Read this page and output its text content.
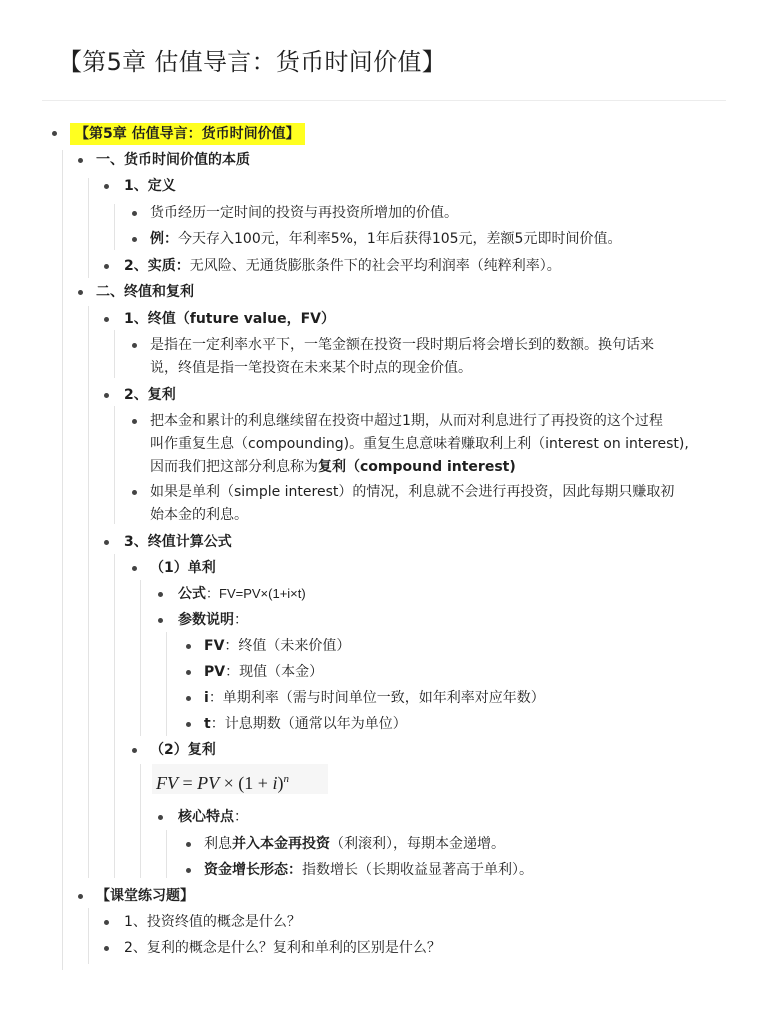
【第5章 估值导言：货币时间价值】
【第5章 估值导言：货币时间价值】
一、货币时间价值的本质
1、定义
货币经历一定时间的投资与再投资所增加的价值。
例：今天存入100元，年利率5%，1年后获得105元，差额5元即时间价值。
2、实质：无风险、无通货膨胀条件下的社会平均利润率（纯粹利率）。
二、终值和复利
1、终值（future value，FV）
是指在一定利率水平下，一笔金额在投资一段时期后将会增长到的数额。换句话来
说，终值是指一笔投资在未来某个时点的现金价值。
2、复利
把本金和累计的利息继续留在投资中超过1期，从而对利息进行了再投资的这个过程
叫作重复生息（compounding)。重复生息意味着赚取利上利（interest on interest),
因而我们把这部分利息称为复利（compound interest)
如果是单利（simple interest）的情况，利息就不会进行再投资，因此每期只赚取初
始本金的利息。
3、终值计算公式
（1）单利
公式：FV=PV×(1+i×t)
参数说明：
FV：终值（未来价值）
PV：现值（本金）
i：单期利率（需与时间单位一致，如年利率对应年数）
t：计息期数（通常以年为单位）
（2）复利
FV = PV × $(1 + i)^n$
核心特点：
利息并入本金再投资（利滚利），每期本金递增。
资金增长形态：指数增长（长期收益显著高于单利）。
【课堂练习题】
1、投资终值的概念是什么？
2、复利的概念是什么？复利和单利的区别是什么？
